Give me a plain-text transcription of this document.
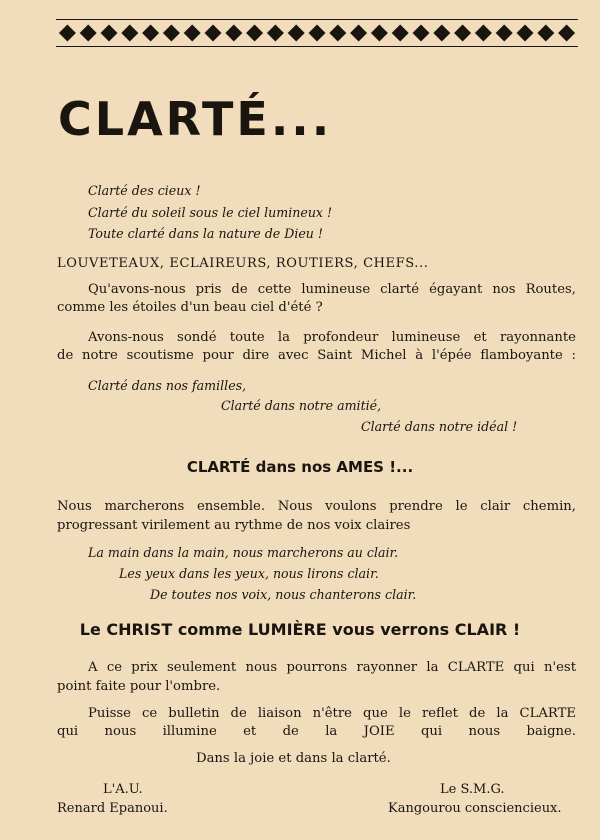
CLARTÉ...
Clarté des cieux !
Clarté du soleil sous le ciel lumineux !
Toute clarté dans la nature de Dieu !
LOUVETEAUX, ECLAIREURS, ROUTIERS, CHEFS...
Qu'avons-nous pris de cette lumineuse clarté égayant nos Routes,
comme les étoiles d'un beau ciel d'été ?
Avons-nous sondé toute la profondeur lumineuse et rayonnante
de notre scoutisme pour dire avec Saint Michel à l'épée flamboyante :
Clarté dans nos familles,
Clarté dans notre amitié,
Clarté dans notre idéal !
CLARTÉ dans nos AMES !...
Nous marcherons ensemble. Nous voulons prendre le clair chemin,
progressant virilement au rythme de nos voix claires
La main dans la main, nous marcherons au clair.
Les yeux dans les yeux, nous lirons clair.
De toutes nos voix, nous chanterons clair.
Le CHRIST comme LUMIÈRE vous verrons CLAIR !
A ce prix seulement nous pourrons rayonner la CLARTE qui n'est
point faite pour l'ombre.
Puisse ce bulletin de liaison n'être que le reflet de la CLARTE
qui nous illumine et de la JOIE qui nous baigne.
Dans la joie et dans la clarté.
L'A.U.
Renard Epanoui.
Le S.M.G.
Kangourou consciencieux.
